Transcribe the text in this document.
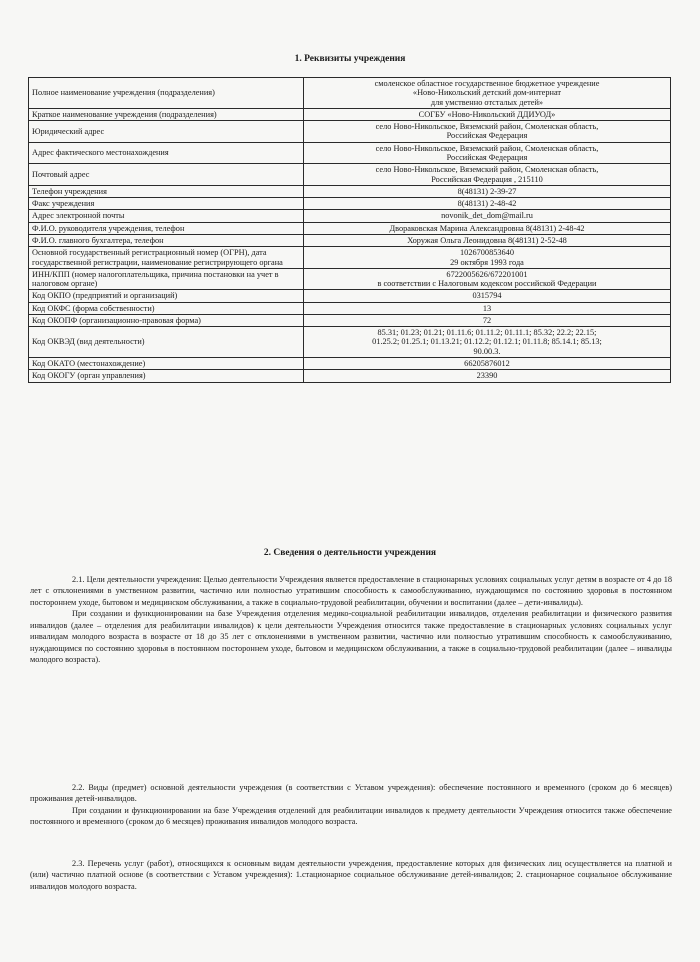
1. Реквизиты учреждения
Полное наименование учреждения (подразделения)	смоленское областное государственное бюджетное учреждение
«Ново-Никольский детский дом-интернат
для умственно отсталых детей»

Краткое наименование учреждения (подразделения)	СОГБУ «Ново-Никольский ДДИУОД»

Юридический адрес	село Ново-Никольское, Вяземский район, Смоленская область,
Российская Федерация

Адрес фактического местонахождения	село Ново-Никольское, Вяземский район, Смоленская область,
Российская Федерация

Почтовый адрес	село Ново-Никольское, Вяземский район, Смоленская область,
Российская Федерация , 215110

Телефон учреждения	8(48131) 2-39-27

Факс учреждения	8(48131) 2-48-42

Адрес электронной почты	novonik_det_dom@mail.ru

Ф.И.О. руководителя учреждения, телефон	Двораковская Марина Александровна 8(48131) 2-48-42

Ф.И.О. главного бухгалтера, телефон	Хоружая Ольга Леонидовна 8(48131) 2-52-48

Основной государственный регистрационный номер (ОГРН), дата государственной регистрации, наименование регистрирующего органа	1026700853640
29 октября 1993 года

ИНН/КПП (номер налогоплательщика, причина постановки на учет в налоговом органе)	6722005626/672201001
в соответствии с Налоговым кодексом российской Федерации

Код ОКПО (предприятий и организаций)	0315794

Код ОКФС (форма собственности)	13

Код ОКОПФ (организационно-правовая форма)	72

Код ОКВЭД (вид деятельности)	85.31; 01.23; 01.21; 01.11.6; 01.11.2; 01.11.1; 85.32; 22.2; 22.15;
01.25.2; 01.25.1; 01.13.21; 01.12.2; 01.12.1; 01.11.8; 85.14.1; 85.13;
90.00.3.

Код ОКАТО (местонахождение)	66205876012

Код ОКОГУ (орган управления)	23390
2. Сведения о деятельности учреждения

2.1. Цели деятельности учреждения: Целью деятельности Учреждения является предоставление в стационарных условиях социальных услуг детям в возрасте от 4 до 18 лет с отклонениями в умственном развитии, частично или полностью утратившим способность к самообслуживанию, нуждающимся по состоянию здоровья в постоянном постороннем уходе, бытовом и медицинском обслуживании, а также в социально-трудовой реабилитации, обучении и воспитании (далее – дети-инвалиды).

При создании и функционировании на базе Учреждения отделения медико-социальной реабилитации инвалидов, отделения реабилитации и физического развития инвалидов (далее – отделения для реабилитации инвалидов) к цели деятельности Учреждения относится также предоставление в стационарных условиях социальных услуг инвалидам молодого возраста в возрасте от 18 до 35 лет с отклонениями в умственном развитии, частично или полностью утратившим способность к самообслуживанию, нуждающимся по состоянию здоровья в постоянном постороннем уходе, бытовом и медицинском обслуживании, а также в социально-трудовой реабилитации (далее – инвалиды молодого возраста).

2.2. Виды (предмет) основной деятельности учреждения (в соответствии с Уставом учреждения): обеспечение постоянного и временного (сроком до 6 месяцев) проживания детей-инвалидов.

При создании и функционировании на базе Учреждения отделений для реабилитации инвалидов к предмету деятельности Учреждения относится также обеспечение постоянного и временного (сроком до 6 месяцев) проживания инвалидов молодого возраста.

2.3. Перечень услуг (работ), относящихся к основным видам деятельности учреждения, предоставление которых для физических лиц осуществляется на платной и (или) частично платной основе (в соответствии с Уставом учреждения): 1.стационарное социальное обслуживание детей-инвалидов; 2. стационарное социальное обслуживание инвалидов молодого возраста.
